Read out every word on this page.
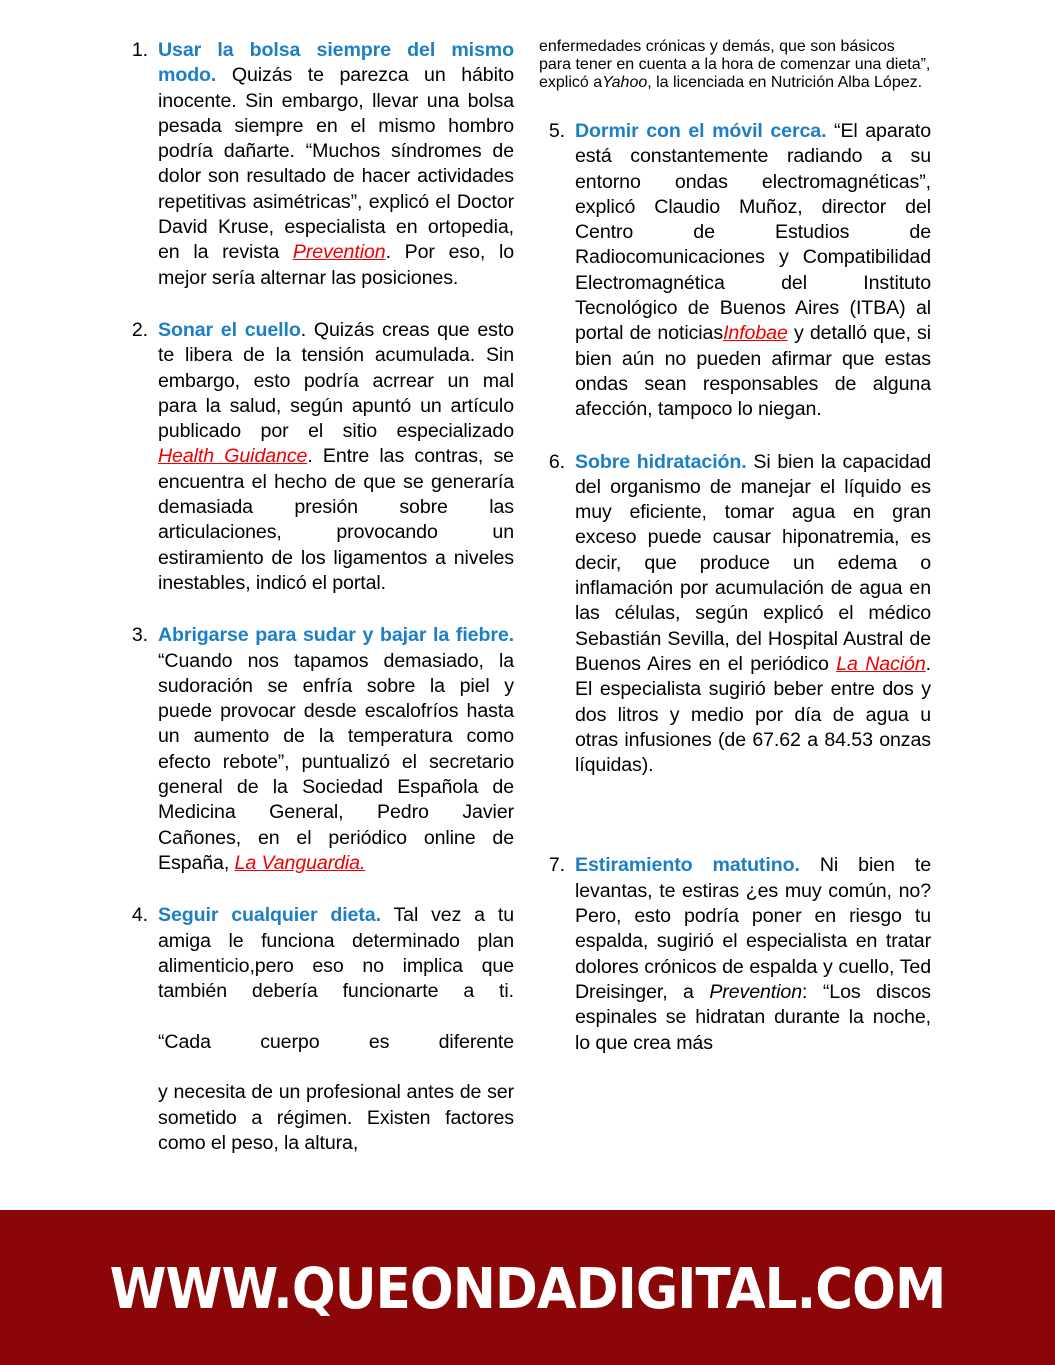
1. Usar la bolsa siempre del mismo modo. Quizás te parezca un hábito inocente. Sin embargo, llevar una bolsa pesada siempre en el mismo hombro podría dañarte. “Muchos síndromes de dolor son resultado de hacer actividades repetitivas asimétricas”, explicó el Doctor David Kruse, especialista en ortopedia, en la revista Prevention. Por eso, lo mejor sería alternar las posiciones.
2. Sonar el cuello. Quizás creas que esto te libera de la tensión acumulada. Sin embargo, esto podría acrrear un mal para la salud, según apuntó un artículo publicado por el sitio especializado Health Guidance. Entre las contras, se encuentra el hecho de que se generaría demasiada presión sobre las articulaciones, provocando un estiramiento de los ligamentos a niveles inestables, indicó el portal.
3. Abrigarse para sudar y bajar la fiebre. “Cuando nos tapamos demasiado, la sudoración se enfría sobre la piel y puede provocar desde escalofríos hasta un aumento de la temperatura como efecto rebote”, puntualizó el secretario general de la Sociedad Española de Medicina General, Pedro Javier Cañones, en el periódico online de España, La Vanguardia.
4. Seguir cualquier dieta. Tal vez a tu amiga le funciona determinado plan alimenticio,pero eso no implica que también debería funcionarte a ti.“Cada cuerpo es diferentey necesita de un profesional antes de ser sometido a régimen. Existen factores como el peso, la altura,
enfermedades crónicas y demás, que son básicos para tener en cuenta a la hora de comenzar una dieta”, explicó aYahoo, la licenciada en Nutrición Alba López.
5. Dormir con el móvil cerca. “El aparato está constantemente radiando a su entorno ondas electromagnéticas”, explicó Claudio Muñoz, director del Centro de Estudios de Radiocomunicaciones y Compatibilidad Electromagnética del Instituto Tecnológico de Buenos Aires (ITBA) al portal de noticiasInfobae y detalló que, si bien aún no pueden afirmar que estas ondas sean responsables de alguna afección, tampoco lo niegan.
6. Sobre hidratación. Si bien la capacidad del organismo de manejar el líquido es muy eficiente, tomar agua en gran exceso puede causar hiponatremia, es decir, que produce un edema o inflamación por acumulación de agua en las células, según explicó el médico Sebastián Sevilla, del Hospital Austral de Buenos Aires en el periódico La Nación. El especialista sugirió beber entre dos y dos litros y medio por día de agua u otras infusiones (de 67.62 a 84.53 onzas líquidas).
7. Estiramiento matutino. Ni bien te levantas, te estiras ¿es muy común, no? Pero, esto podría poner en riesgo tu espalda, sugirió el especialista en tratar dolores crónicos de espalda y cuello, Ted Dreisinger, a Prevention: “Los discos espinales se hidratan durante la noche, lo que crea más
WWW.QUEONDADIGITAL.COM
